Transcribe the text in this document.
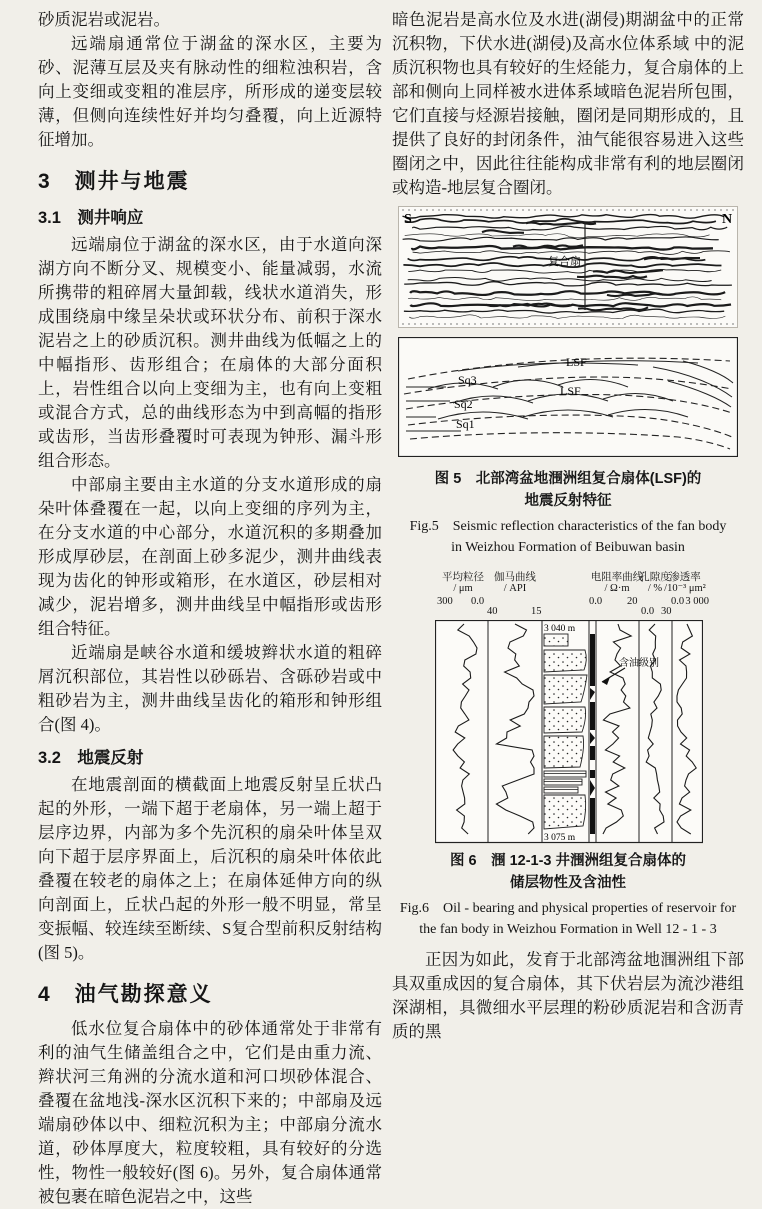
砂质泥岩或泥岩。

远端扇通常位于湖盆的深水区，主要为砂、泥薄互层及夹有脉动性的细粒浊积岩，含向上变细或变粗的准层序，所形成的递变层较薄，但侧向连续性好并均匀叠覆，向上近源特征增加。

3　测井与地震
3.1　测井响应

远端扇位于湖盆的深水区，由于水道向深湖方向不断分叉、规模变小、能量减弱，水流所携带的粗碎屑大量卸载，线状水道消失，形成围绕扇中缘呈朵状或环状分布、前积于深水泥岩之上的砂质沉积。测井曲线为低幅之上的中幅指形、齿形组合；在扇体的大部分面积上，岩性组合以向上变细为主，也有向上变粗或混合方式，总的曲线形态为中到高幅的指形或齿形，当齿形叠覆时可表现为钟形、漏斗形组合形态。

中部扇主要由主水道的分支水道形成的扇朵叶体叠覆在一起，以向上变细的序列为主，在分支水道的中心部分，水道沉积的多期叠加形成厚砂层，在剖面上砂多泥少，测井曲线表现为齿化的钟形或箱形，在水道区，砂层相对减少，泥岩增多，测井曲线呈中幅指形或齿形组合特征。

近端扇是峡谷水道和缓坡辫状水道的粗碎屑沉积部位，其岩性以砂砾岩、含砾砂岩或中粗砂岩为主，测井曲线呈齿化的箱形和钟形组合(图 4)。

3.2　地震反射

在地震剖面的横截面上地震反射呈丘状凸起的外形，一端下超于老扇体，另一端上超于层序边界，内部为多个先沉积的扇朵叶体呈双向下超于层序界面上，后沉积的扇朵叶体依此叠覆在较老的扇体之上；在扇体延伸方向的纵向剖面上，丘状凸起的外形一般不明显，常呈变振幅、较连续至断续、S复合型前积反射结构(图 5)。

4　油气勘探意义

低水位复合扇体中的砂体通常处于非常有利的油气生储盖组合之中，它们是由重力流、辫状河三角洲的分流水道和河口坝砂体混合、叠覆在盆地浅-深水区沉积下来的；中部扇及远端扇砂体以中、细粒沉积为主；中部扇分流水道，砂体厚度大，粒度较粗，具有较好的分选性，物性一般较好(图 6)。另外，复合扇体通常被包裹在暗色泥岩之中，这些

暗色泥岩是高水位及水进(湖侵)期湖盆中的正常沉积物，下伏水进(湖侵)及高水位体系域 中的泥质沉积物也具有较好的生烃能力，复合扇体的上部和侧向上同样被水进体系域暗色泥岩所包围，它们直接与烃源岩接触，圈闭是同期形成的，且提供了良好的封闭条件，油气能很容易进入这些圈闭之中，因此往往能构成非常有利的地层圈闭或构造-地层复合圈闭。

S	N
复合扇
LSF
Sq3
LSF
Sq2
Sq1

图 5　北部湾盆地涠洲组复合扇体(LSF)的

地震反射特征

Fig.5　Seismic reflection characteristics of the fan body

in Weizhou Formation of Beibuwan basin

平均粒径
/ μm
伽马曲线
/ API
电阻率曲线
/ Ω·m
孔隙度
/ %
渗透率
/10⁻³ μm²
300 0.0
40	15
0.0 20
0.0 30
0.0 3 000
3 040 m
3 075 m
含油级别

图 6　涠 12-1-3 井涠洲组复合扇体的

储层物性及含油性

Fig.6　Oil - bearing and physical properties of reservoir for

the fan body in Weizhou Formation in Well 12 - 1 - 3

正因为如此，发育于北部湾盆地涠洲组下部具双重成因的复合扇体，其下伏岩层为流沙港组深湖相，具微细水平层理的粉砂质泥岩和含沥青质的黑
